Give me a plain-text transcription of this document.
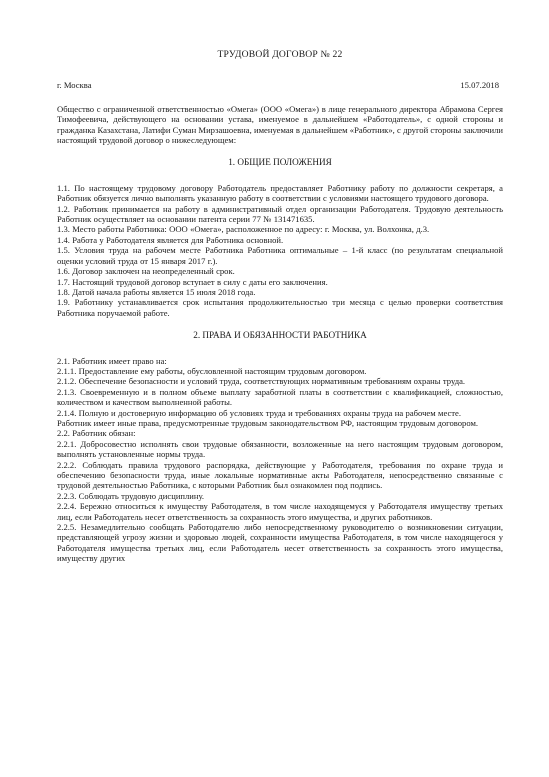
ТРУДОВОЙ ДОГОВОР № 22
г. Москва	15.07.2018

Общество с ограниченной ответственностью «Омега» (ООО «Омега») в лице генерального директора Абрамова Сергея Тимофеевича, действующего на основании устава, именуемое в дальнейшем «Работодатель», с одной стороны и гражданка Казахстана, Латифи Суман Мирзашоевна, именуемая в дальнейшем «Работник», с другой стороны заключили настоящий трудовой договор о нижеследующем:

1. ОБЩИЕ ПОЛОЖЕНИЯ

1.1. По настоящему трудовому договору Работодатель предоставляет Работнику работу по должности секретаря, а Работник обязуется лично выполнять указанную работу в соответствии с условиями настоящего трудового договора.

1.2. Работник принимается на работу в административный отдел организации Работодателя. Трудовую деятельность Работник осуществляет на основании патента серии 77 № 131471635.

1.3. Место работы Работника: ООО «Омега», расположенное по адресу: г. Москва, ул. Волхонка, д.3.

1.4. Работа у Работодателя является для Работника основной.

1.5. Условия труда на рабочем месте Работника Работника оптимальные – 1-й класс (по результатам специальной оценки условий труда от 15 января 2017 г.).

1.6. Договор заключен на неопределенный срок.

1.7. Настоящий трудовой договор вступает в силу с даты его заключения.

1.8. Датой начала работы является 15 июля 2018 года.

1.9. Работнику устанавливается срок испытания продолжительностью три месяца с целью проверки соответствия Работника поручаемой работе.

2. ПРАВА И ОБЯЗАННОСТИ РАБОТНИКА

2.1. Работник имеет право на:

2.1.1. Предоставление ему работы, обусловленной настоящим трудовым договором.

2.1.2. Обеспечение безопасности и условий труда, соответствующих нормативным требованиям охраны труда.

2.1.3. Своевременную и в полном объеме выплату заработной платы в соответствии с квалификацией, сложностью, количеством и качеством выполненной работы.

2.1.4. Полную и достоверную информацию об условиях труда и требованиях охраны труда на рабочем месте.

Работник имеет иные права, предусмотренные трудовым законодательством РФ, настоящим трудовым договором.

2.2. Работник обязан:

2.2.1. Добросовестно исполнять свои трудовые обязанности, возложенные на него настоящим трудовым договором, выполнять установленные нормы труда.

2.2.2. Соблюдать правила трудового распорядка, действующие у Работодателя, требования по охране труда и обеспечению безопасности труда, иные локальные нормативные акты Работодателя, непосредственно связанные с трудовой деятельностью Работника, с которыми Работник был ознакомлен под подпись.

2.2.3. Соблюдать трудовую дисциплину.

2.2.4. Бережно относиться к имуществу Работодателя, в том числе находящемуся у Работодателя имуществу третьих лиц, если Работодатель несет ответственность за сохранность этого имущества, и других работников.

2.2.5. Незамедлительно сообщать Работодателю либо непосредственному руководителю о возникновении ситуации, представляющей угрозу жизни и здоровью людей, сохранности имущества Работодателя, в том числе находящегося у Работодателя имущества третьих лиц, если Работодатель несет ответственность за сохранность этого имущества, имуществу других
